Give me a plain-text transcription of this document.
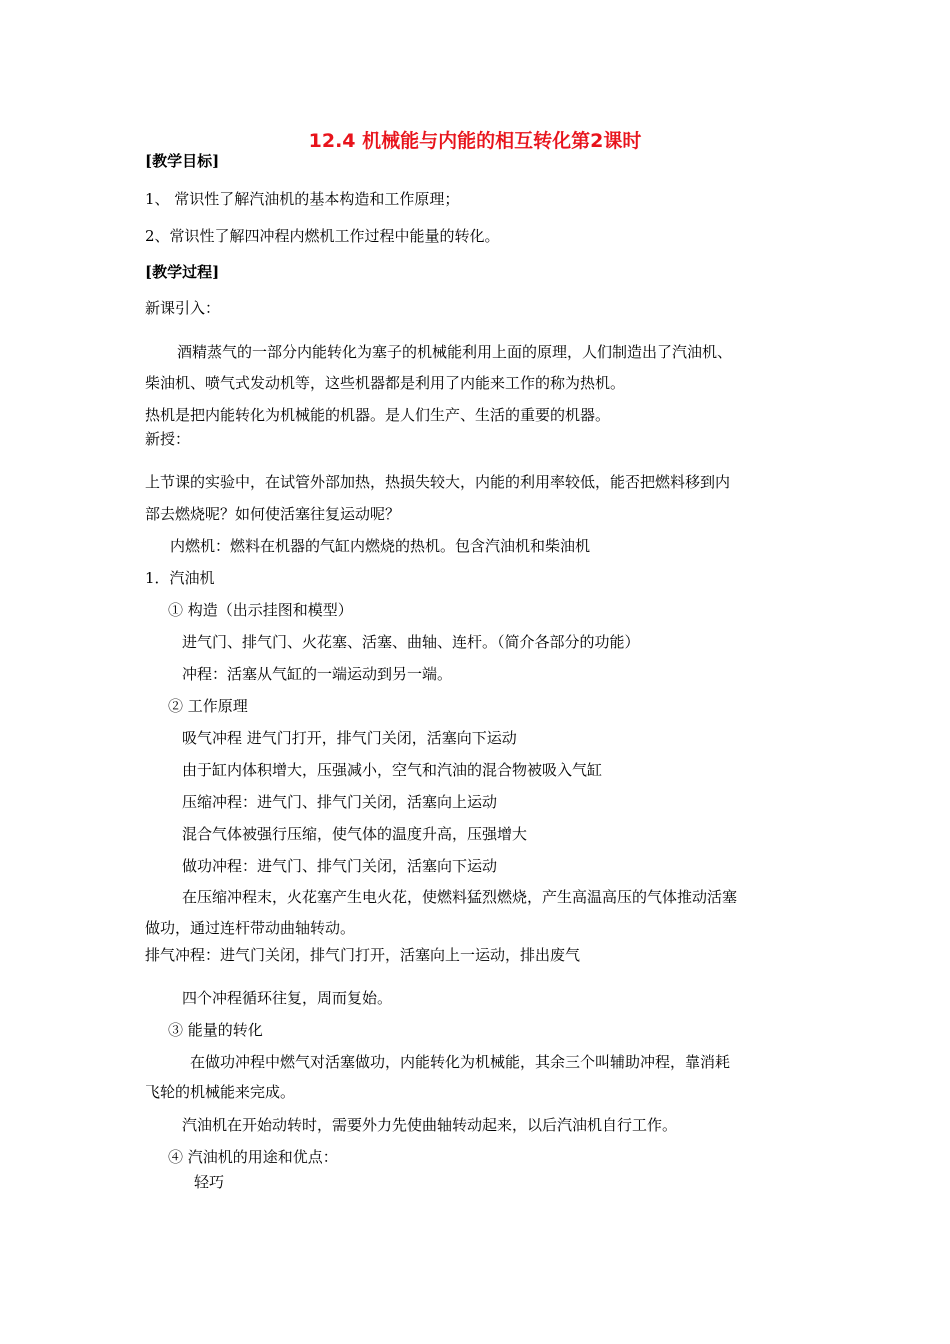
12.4 机械能与内能的相互转化第2课时
[教学目标]
1、 常识性了解汽油机的基本构造和工作原理；
2、常识性了解四冲程内燃机工作过程中能量的转化。
[教学过程]
新课引入：
酒精蒸气的一部分内能转化为塞子的机械能利用上面的原理，人们制造出了汽油机、
柴油机、喷气式发动机等，这些机器都是利用了内能来工作的称为热机。
热机是把内能转化为机械能的机器。是人们生产、生活的重要的机器。
新授：
上节课的实验中，在试管外部加热，热损失较大，内能的利用率较低，能否把燃料移到内
部去燃烧呢？如何使活塞往复运动呢？
内燃机：燃料在机器的气缸内燃烧的热机。包含汽油机和柴油机
1．汽油机
① 构造（出示挂图和模型）
进气门、排气门、火花塞、活塞、曲轴、连杆。（简介各部分的功能）
冲程：活塞从气缸的一端运动到另一端。
② 工作原理
吸气冲程 进气门打开，排气门关闭，活塞向下运动
由于缸内体积增大，压强减小，空气和汽油的混合物被吸入气缸
压缩冲程：进气门、排气门关闭，活塞向上运动
混合气体被强行压缩，使气体的温度升高，压强增大
做功冲程：进气门、排气门关闭，活塞向下运动
在压缩冲程末，火花塞产生电火花，使燃料猛烈燃烧，产生高温高压的气体推动活塞
做功，通过连杆带动曲轴转动。
排气冲程：进气门关闭，排气门打开，活塞向上一运动，排出废气
四个冲程循环往复，周而复始。
③ 能量的转化
在做功冲程中燃气对活塞做功，内能转化为机械能，其余三个叫辅助冲程，靠消耗
飞轮的机械能来完成。
汽油机在开始动转时，需要外力先使曲轴转动起来，以后汽油机自行工作。
④ 汽油机的用途和优点：
轻巧
